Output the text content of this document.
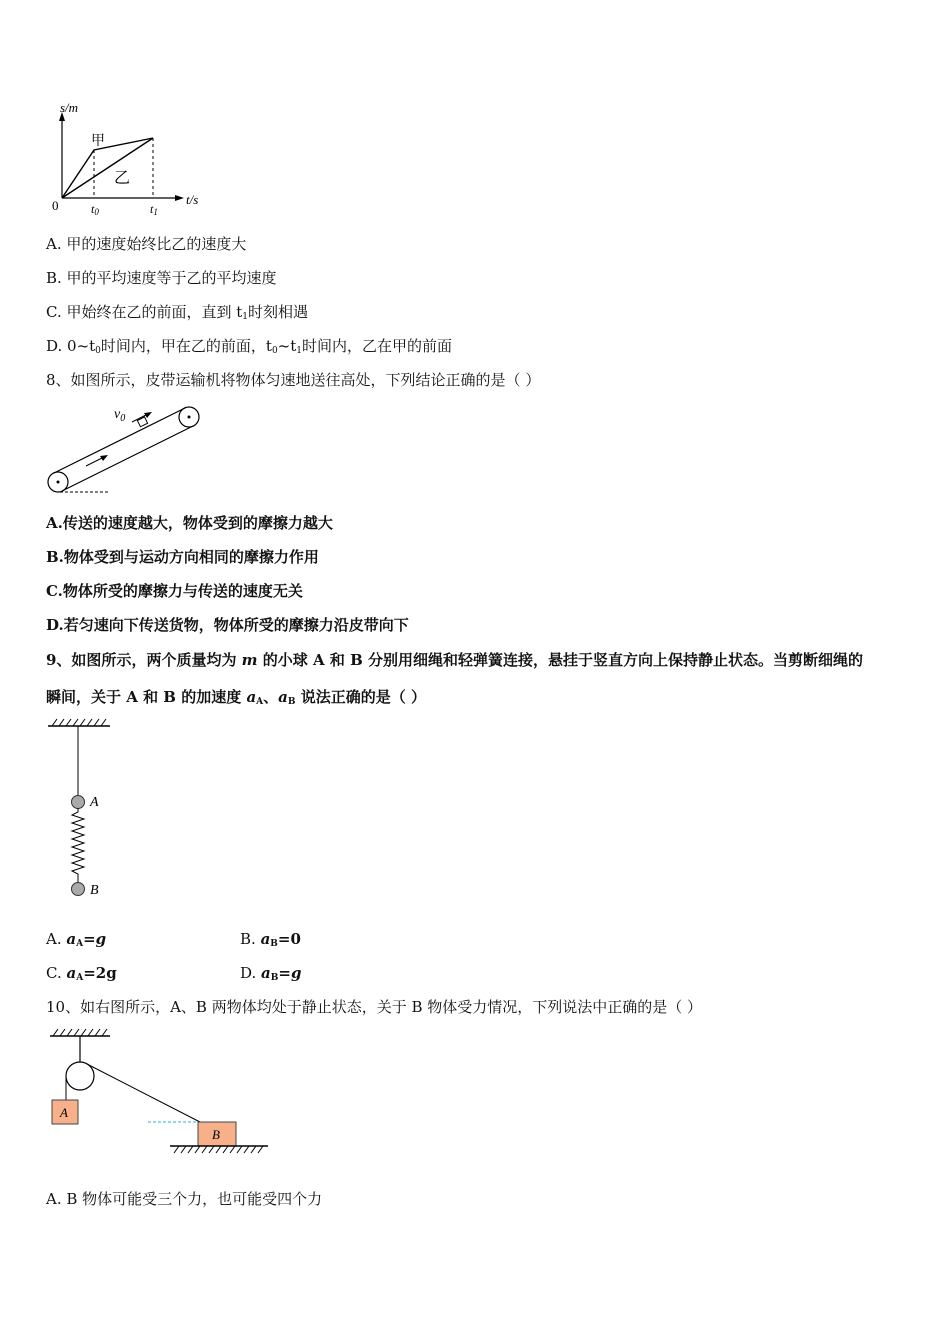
s/m
t/s
0
甲
乙
t0	t1
A. 甲的速度始终比乙的速度大
B. 甲的平均速度等于乙的平均速度
C. 甲始终在乙的前面，直到 $t_1$时刻相遇
D. $0\sim t_0$时间内，甲在乙的前面，$t_0\sim t_1$时间内，乙在甲的前面
8、如图所示，皮带运输机将物体匀速地送往高处，下列结论正确的是（ ）
$v_0$
A.传送的速度越大，物体受到的摩擦力越大
B.物体受到与运动方向相同的摩擦力作用
C.物体所受的摩擦力与传送的速度无关
D.若匀速向下传送货物，物体所受的摩擦力沿皮带向下
9、如图所示，两个质量均为 m 的小球 A 和 B 分别用细绳和轻弹簧连接，悬挂于竖直方向上保持静止状态。当剪断细绳的
瞬间，关于 A 和 B 的加速度 $a_A$、$a_B$ 说法正确的是（ ）
A
B
A. $a_A=g$	B. $a_B=0$
C. $a_A=2g$	D. $a_B=g$
10、如右图所示，A、B 两物体均处于静止状态，关于 B 物体受力情况，下列说法中正确的是（ ）
A
B
A. B 物体可能受三个力，也可能受四个力
